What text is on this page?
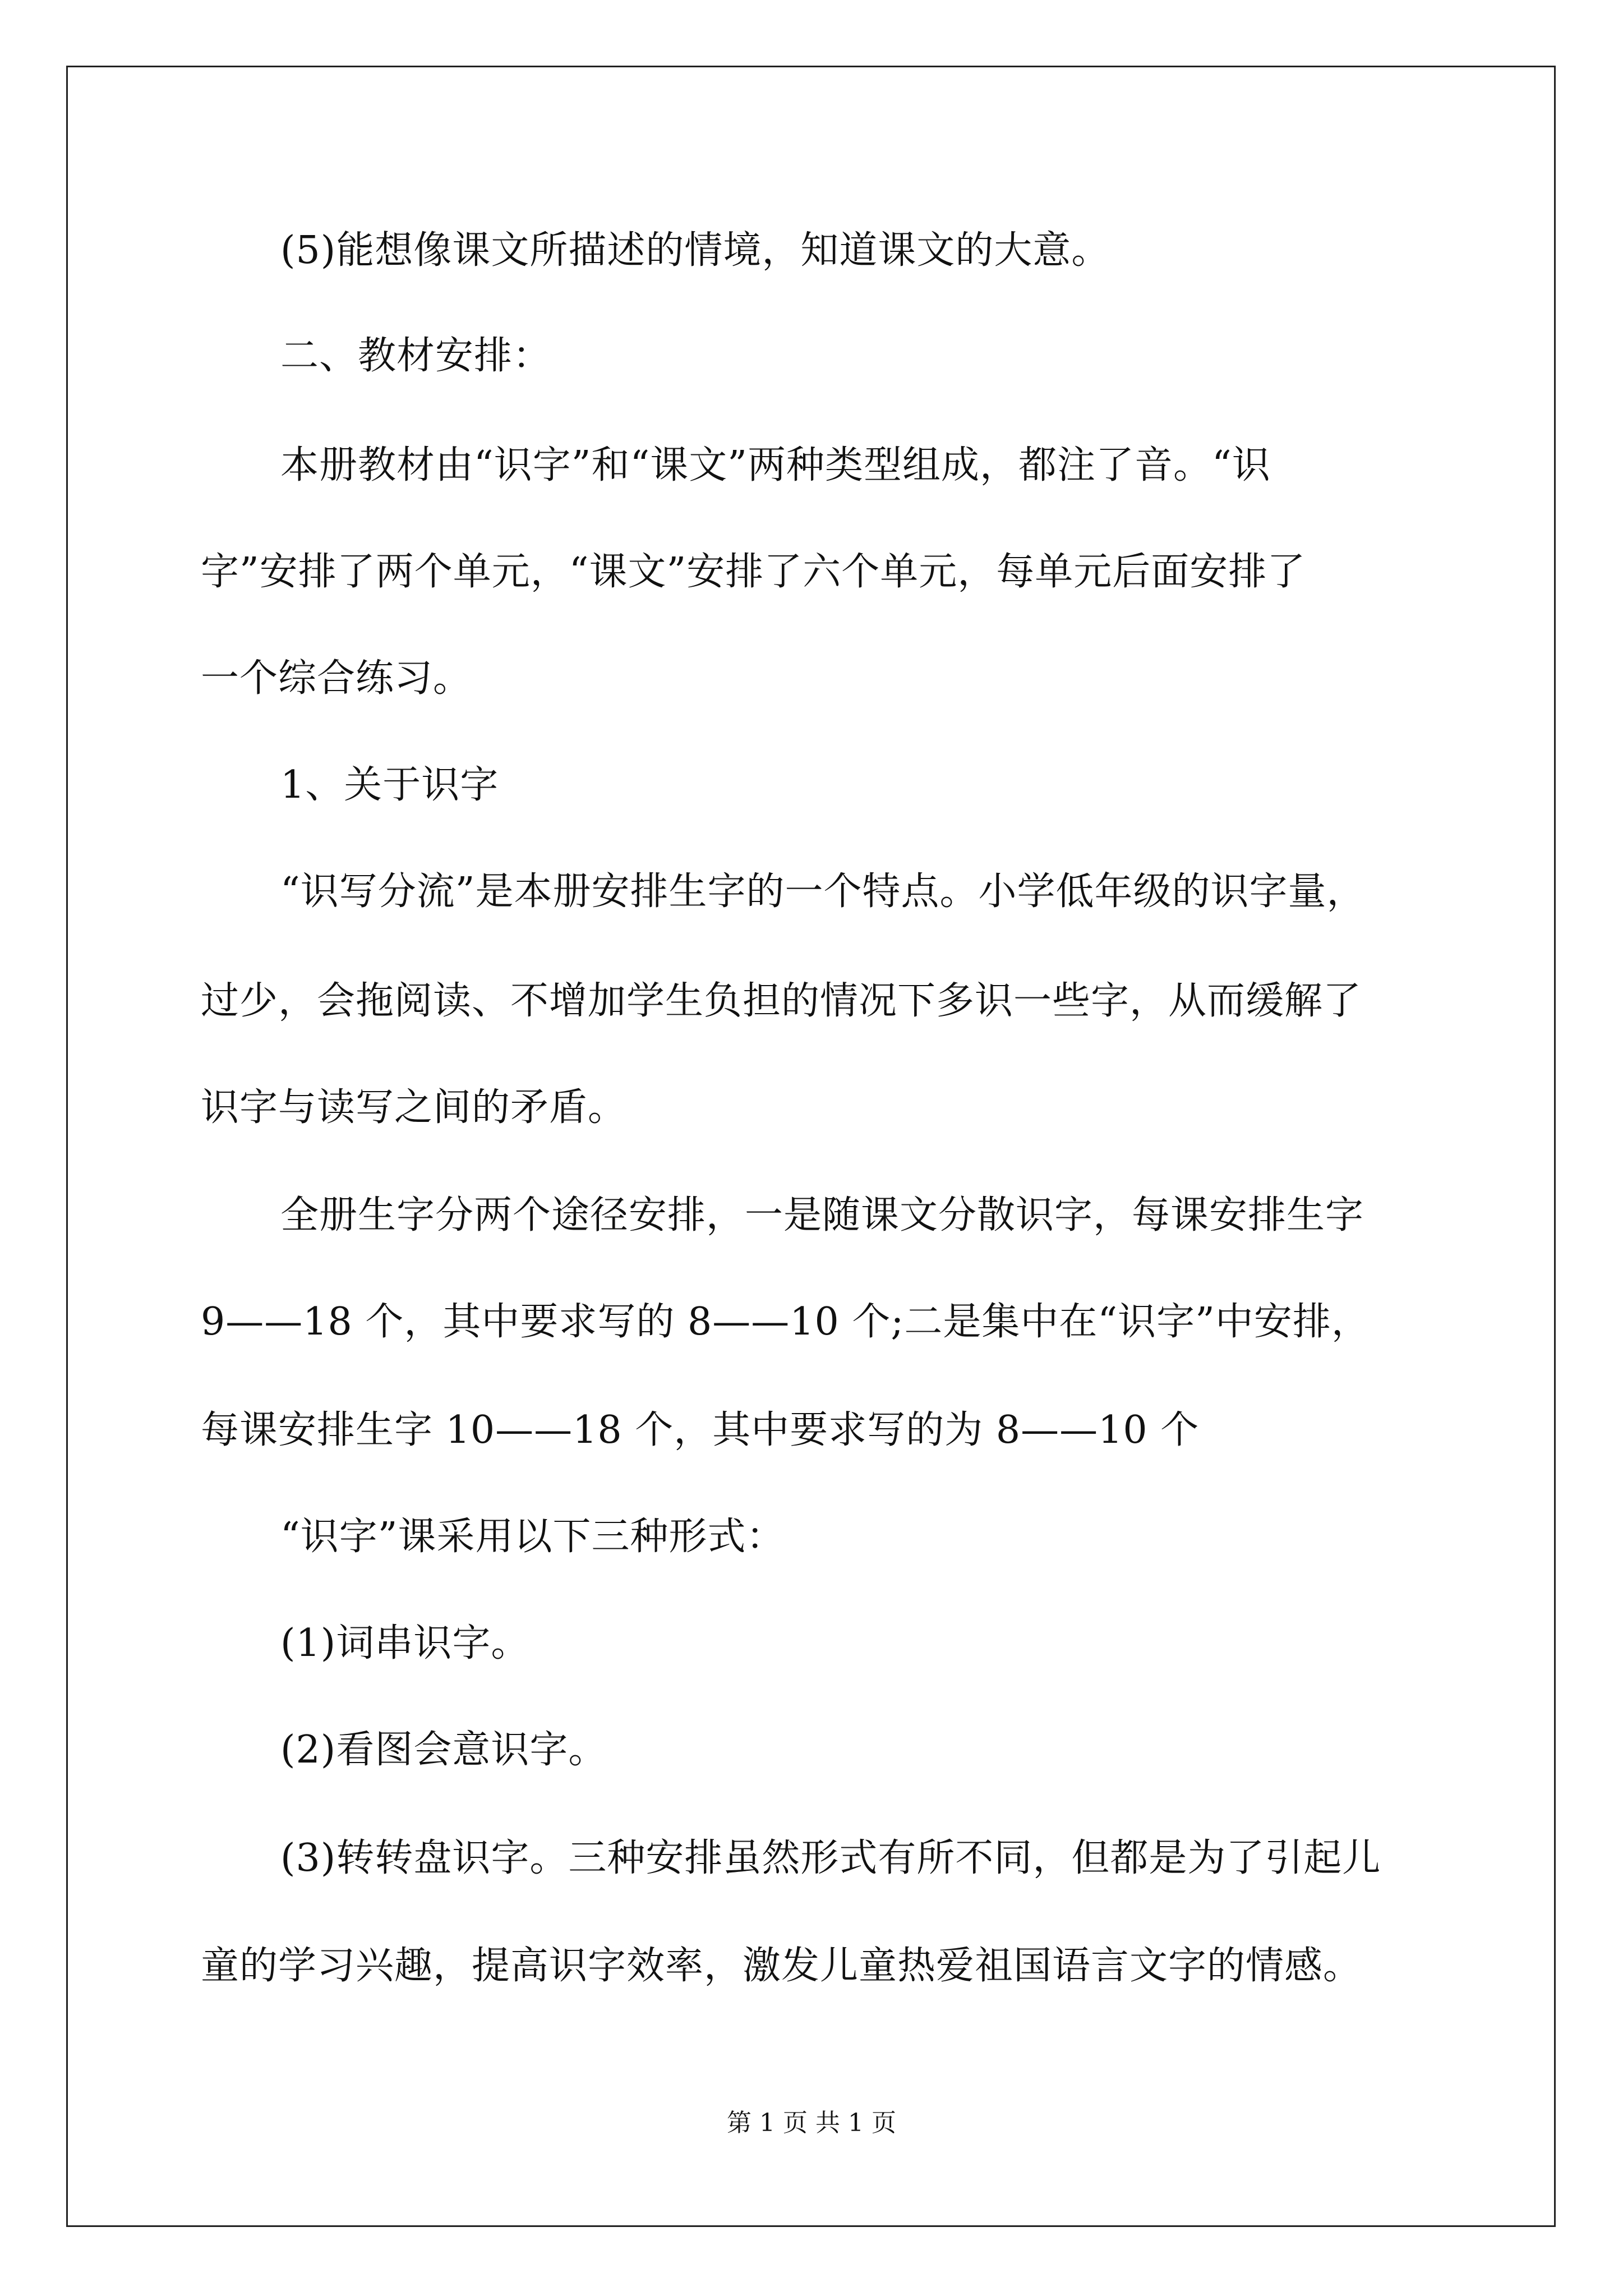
(5)能想像课文所描述的情境，知道课文的大意。
二、教材安排：
本册教材由“识字”和“课文”两种类型组成，都注了音。“识
字”安排了两个单元，“课文”安排了六个单元，每单元后面安排了
一个综合练习。
1、关于识字
“识写分流”是本册安排生字的一个特点。小学低年级的识字量，
过少，会拖阅读、不增加学生负担的情况下多识一些字，从而缓解了
识字与读写之间的矛盾。
全册生字分两个途径安排，一是随课文分散识字，每课安排生字
9——18 个，其中要求写的 8——10 个;二是集中在“识字”中安排，
每课安排生字 10——18 个，其中要求写的为 8——10 个
“识字”课采用以下三种形式：
(1)词串识字。
(2)看图会意识字。
(3)转转盘识字。三种安排虽然形式有所不同，但都是为了引起儿
童的学习兴趣，提高识字效率，激发儿童热爱祖国语言文字的情感。
第 1 页 共 1 页
